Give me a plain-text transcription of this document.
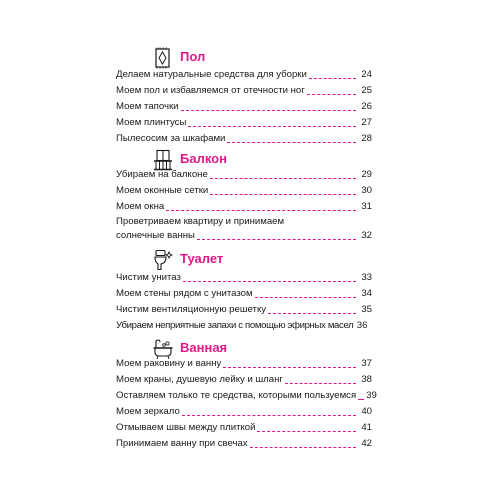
Пол
Делаем натуральные средства для уборки	24
Моем пол и избавляемся от отечности ног	25
Моем тапочки	26
Моем плинтусы	27
Пылесосим за шкафами	28
Балкон
Убираем на балконе	29
Моем оконные сетки	30
Моем окна	31
Проветриваем квартиру и принимаем
солнечные ванны	32
Туалет
Чистим унитаз	33
Моем стены рядом с унитазом	34
Чистим вентиляционную решетку	35
Убираем неприятные запахи с помощью эфирных масел 36
Ванная
Моем раковину и ванну	37
Моем краны, душевую лейку и шланг	38
Оставляем только те средства, которыми пользуемся 39
Моем зеркало	40
Отмываем швы между плиткой	41
Принимаем ванну при свечах	42
